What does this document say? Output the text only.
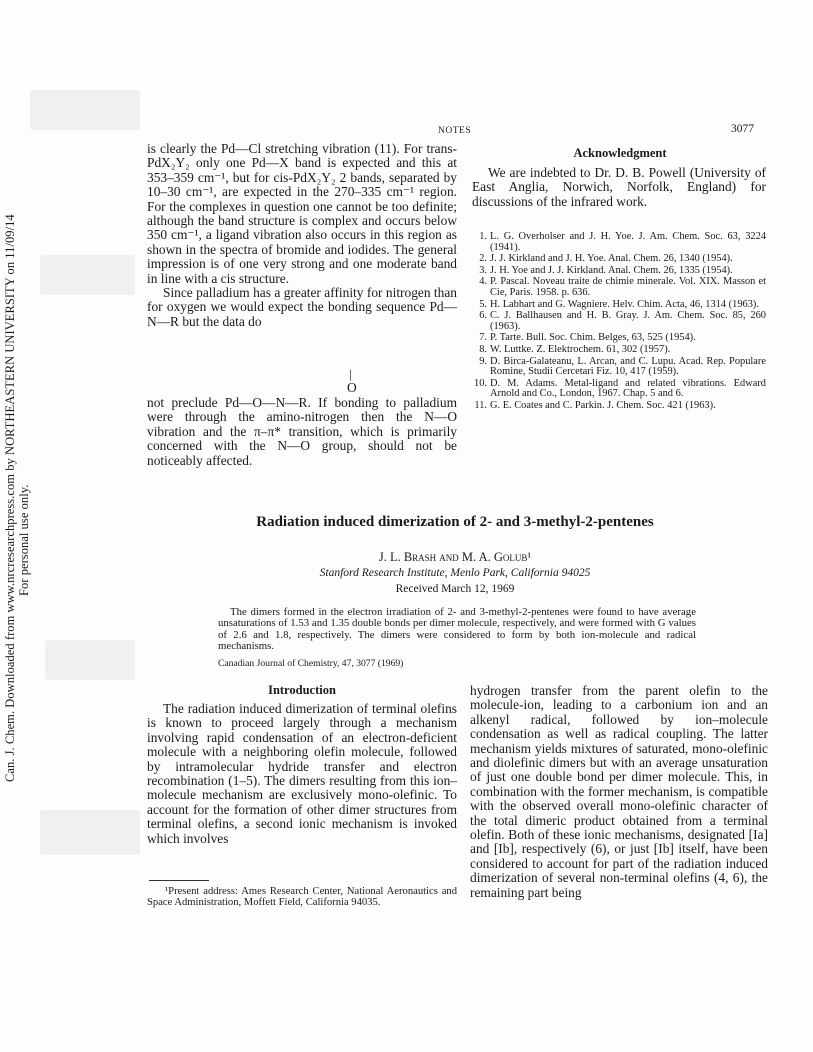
Can. J. Chem. Downloaded from www.nrcresearchpress.com by NORTHEASTERN UNIVERSITY on 11/09/14 For personal use only.
NOTES	3077

is clearly the Pd—Cl stretching vibration (11). For trans-PdX₂Y₂ only one Pd—X band is expected and this at 353–359 cm⁻¹, but for cis-PdX₂Y₂ 2 bands, separated by 10–30 cm⁻¹, are expected in the 270–335 cm⁻¹ region. For the complexes in question one cannot be too definite; although the band structure is complex and occurs below 350 cm⁻¹, a ligand vibration also occurs in this region as shown in the spectra of bromide and iodides. The general impression is of one very strong and one moderate band in line with a cis structure.

Since palladium has a greater affinity for nitrogen than for oxygen we would expect the bonding sequence Pd—N—R but the data do

|
O

not preclude Pd—O—N—R. If bonding to palladium were through the amino-nitrogen then the N—O vibration and the π–π* transition, which is primarily concerned with the N—O group, should not be noticeably affected.

Acknowledgment

We are indebted to Dr. D. B. Powell (University of East Anglia, Norwich, Norfolk, England) for discussions of the infrared work.

1. L. G. Overholser and J. H. Yoe. J. Am. Chem. Soc. 63, 3224 (1941).
2. J. J. Kirkland and J. H. Yoe. Anal. Chem. 26, 1340 (1954).
3. J. H. Yoe and J. J. Kirkland. Anal. Chem. 26, 1335 (1954).
4. P. Pascal. Noveau traite de chimie minerale. Vol. XIX. Masson et Cie, Paris. 1958. p. 636.
5. H. Labhart and G. Wagniere. Helv. Chim. Acta, 46, 1314 (1963).
6. C. J. Ballhausen and H. B. Gray. J. Am. Chem. Soc. 85, 260 (1963).
7. P. Tarte. Bull. Soc. Chim. Belges, 63, 525 (1954).
8. W. Luttke. Z. Elektrochem. 61, 302 (1957).
9. D. Birca-Galateanu, L. Arcan, and C. Lupu. Acad. Rep. Populare Romine, Studii Cercetari Fiz. 10, 417 (1959).
10. D. M. Adams. Metal-ligand and related vibrations. Edward Arnold and Co., London, 1967. Chap. 5 and 6.
11. G. E. Coates and C. Parkin. J. Chem. Soc. 421 (1963).
Radiation induced dimerization of 2- and 3-methyl-2-pentenes
J. L. Brash and M. A. Golub¹
Stanford Research Institute, Menlo Park, California 94025
Received March 12, 1969
The dimers formed in the electron irradiation of 2- and 3-methyl-2-pentenes were found to have average unsaturations of 1.53 and 1.35 double bonds per dimer molecule, respectively, and were formed with G values of 2.6 and 1.8, respectively. The dimers were considered to form by both ion-molecule and radical mechanisms.
Canadian Journal of Chemistry, 47, 3077 (1969)
Introduction

The radiation induced dimerization of terminal olefins is known to proceed largely through a mechanism involving rapid condensation of an electron-deficient molecule with a neighboring olefin molecule, followed by intramolecular hydride transfer and electron recombination (1–5). The dimers resulting from this ion–molecule mechanism are exclusively mono-olefinic. To account for the formation of other dimer structures from terminal olefins, a second ionic mechanism is invoked which involves

hydrogen transfer from the parent olefin to the molecule-ion, leading to a carbonium ion and an alkenyl radical, followed by ion–molecule condensation as well as radical coupling. The latter mechanism yields mixtures of saturated, mono-olefinic and diolefinic dimers but with an average unsaturation of just one double bond per dimer molecule. This, in combination with the former mechanism, is compatible with the observed overall mono-olefinic character of the total dimeric product obtained from a terminal olefin. Both of these ionic mechanisms, designated [Ia] and [Ib], respectively (6), or just [Ib] itself, have been considered to account for part of the radiation induced dimerization of several non-terminal olefins (4, 6), the remaining part being

¹Present address: Ames Research Center, National Aeronautics and Space Administration, Moffett Field, California 94035.
